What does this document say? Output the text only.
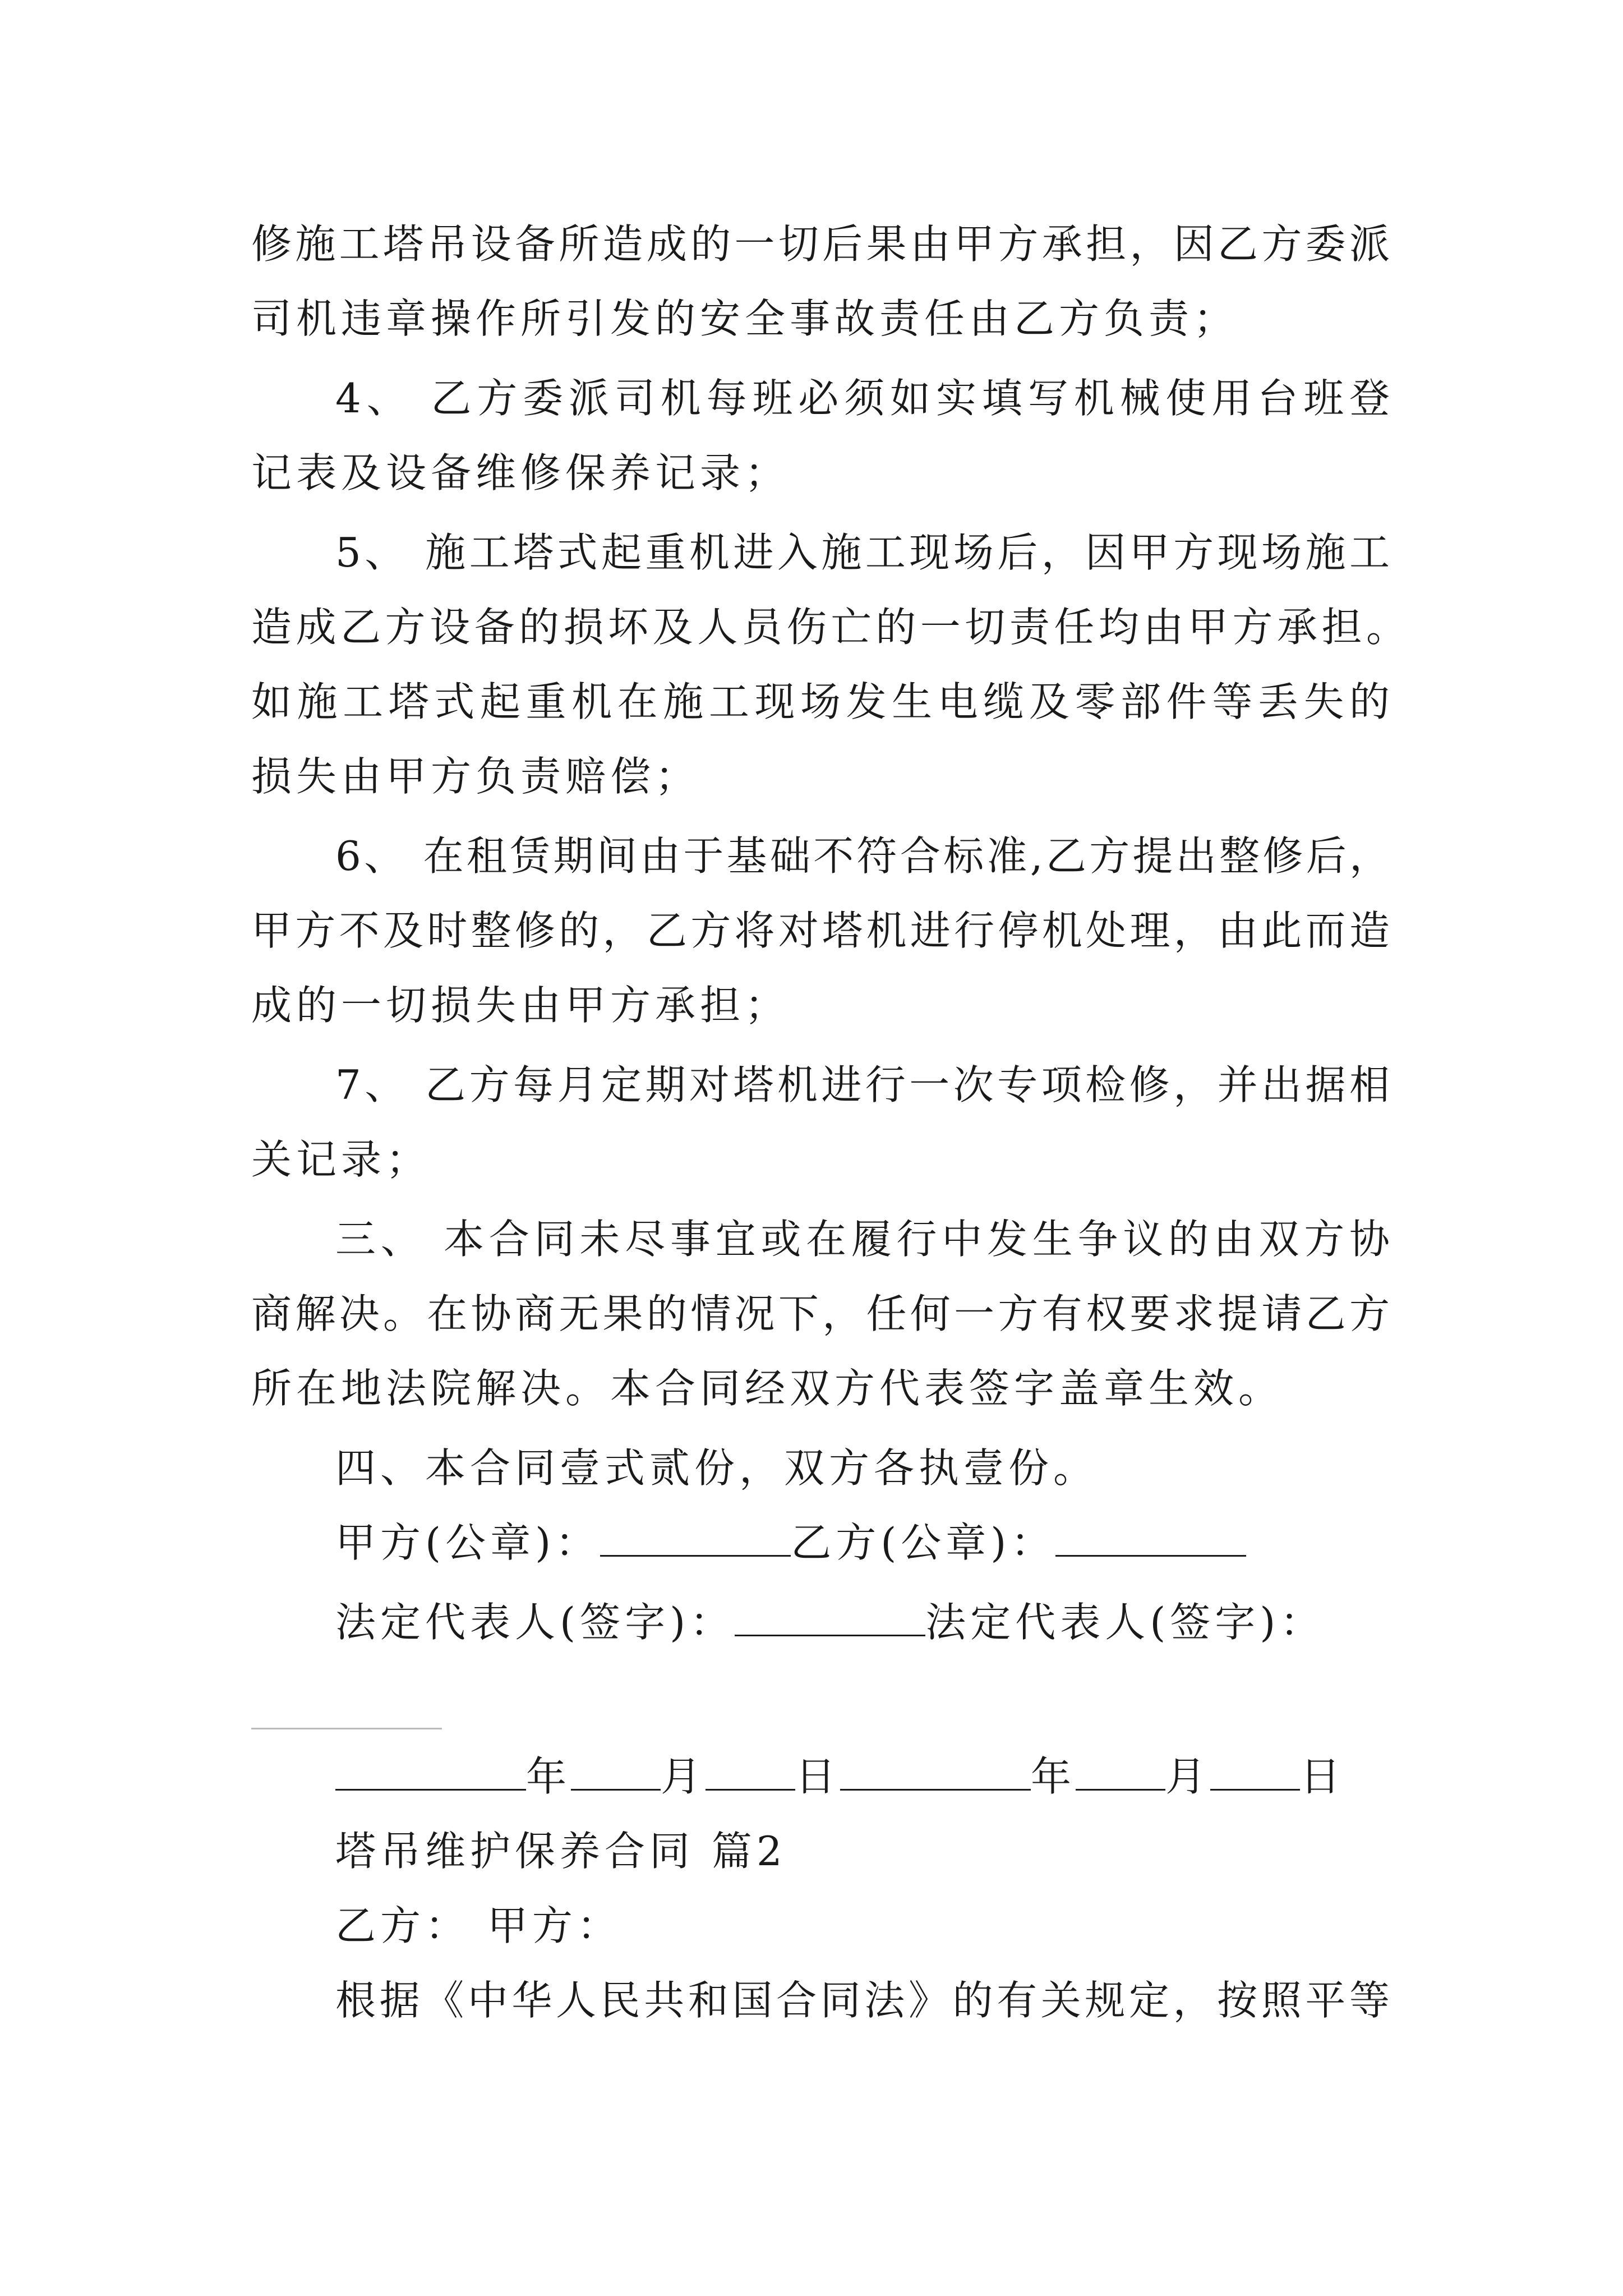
修施工塔吊设备所造成的一切后果由甲方承担，因乙方委派

司机违章操作所引发的安全事故责任由乙方负责；

4、 乙方委派司机每班必须如实填写机械使用台班登

记表及设备维修保养记录；

5、 施工塔式起重机进入施工现场后，因甲方现场施工

造成乙方设备的损坏及人员伤亡的一切责任均由甲方承担。

如施工塔式起重机在施工现场发生电缆及零部件等丢失的

损失由甲方负责赔偿；

6、 在租赁期间由于基础不符合标准,乙方提出整修后，

甲方不及时整修的，乙方将对塔机进行停机处理，由此而造

成的一切损失由甲方承担；

7、 乙方每月定期对塔机进行一次专项检修，并出据相

关记录；

三、 本合同未尽事宜或在履行中发生争议的由双方协

商解决。在协商无果的情况下，任何一方有权要求提请乙方

所在地法院解决。本合同经双方代表签字盖章生效。

四、本合同壹式贰份，双方各执壹份。

甲方(公章)：	乙方(公章)：
法定代表人(签字)：	法定代表人(签字)：
年 月 日	年 月 日

塔吊维护保养合同 篇2

乙方： 甲方：

根据《中华人民共和国合同法》的有关规定，按照平等
